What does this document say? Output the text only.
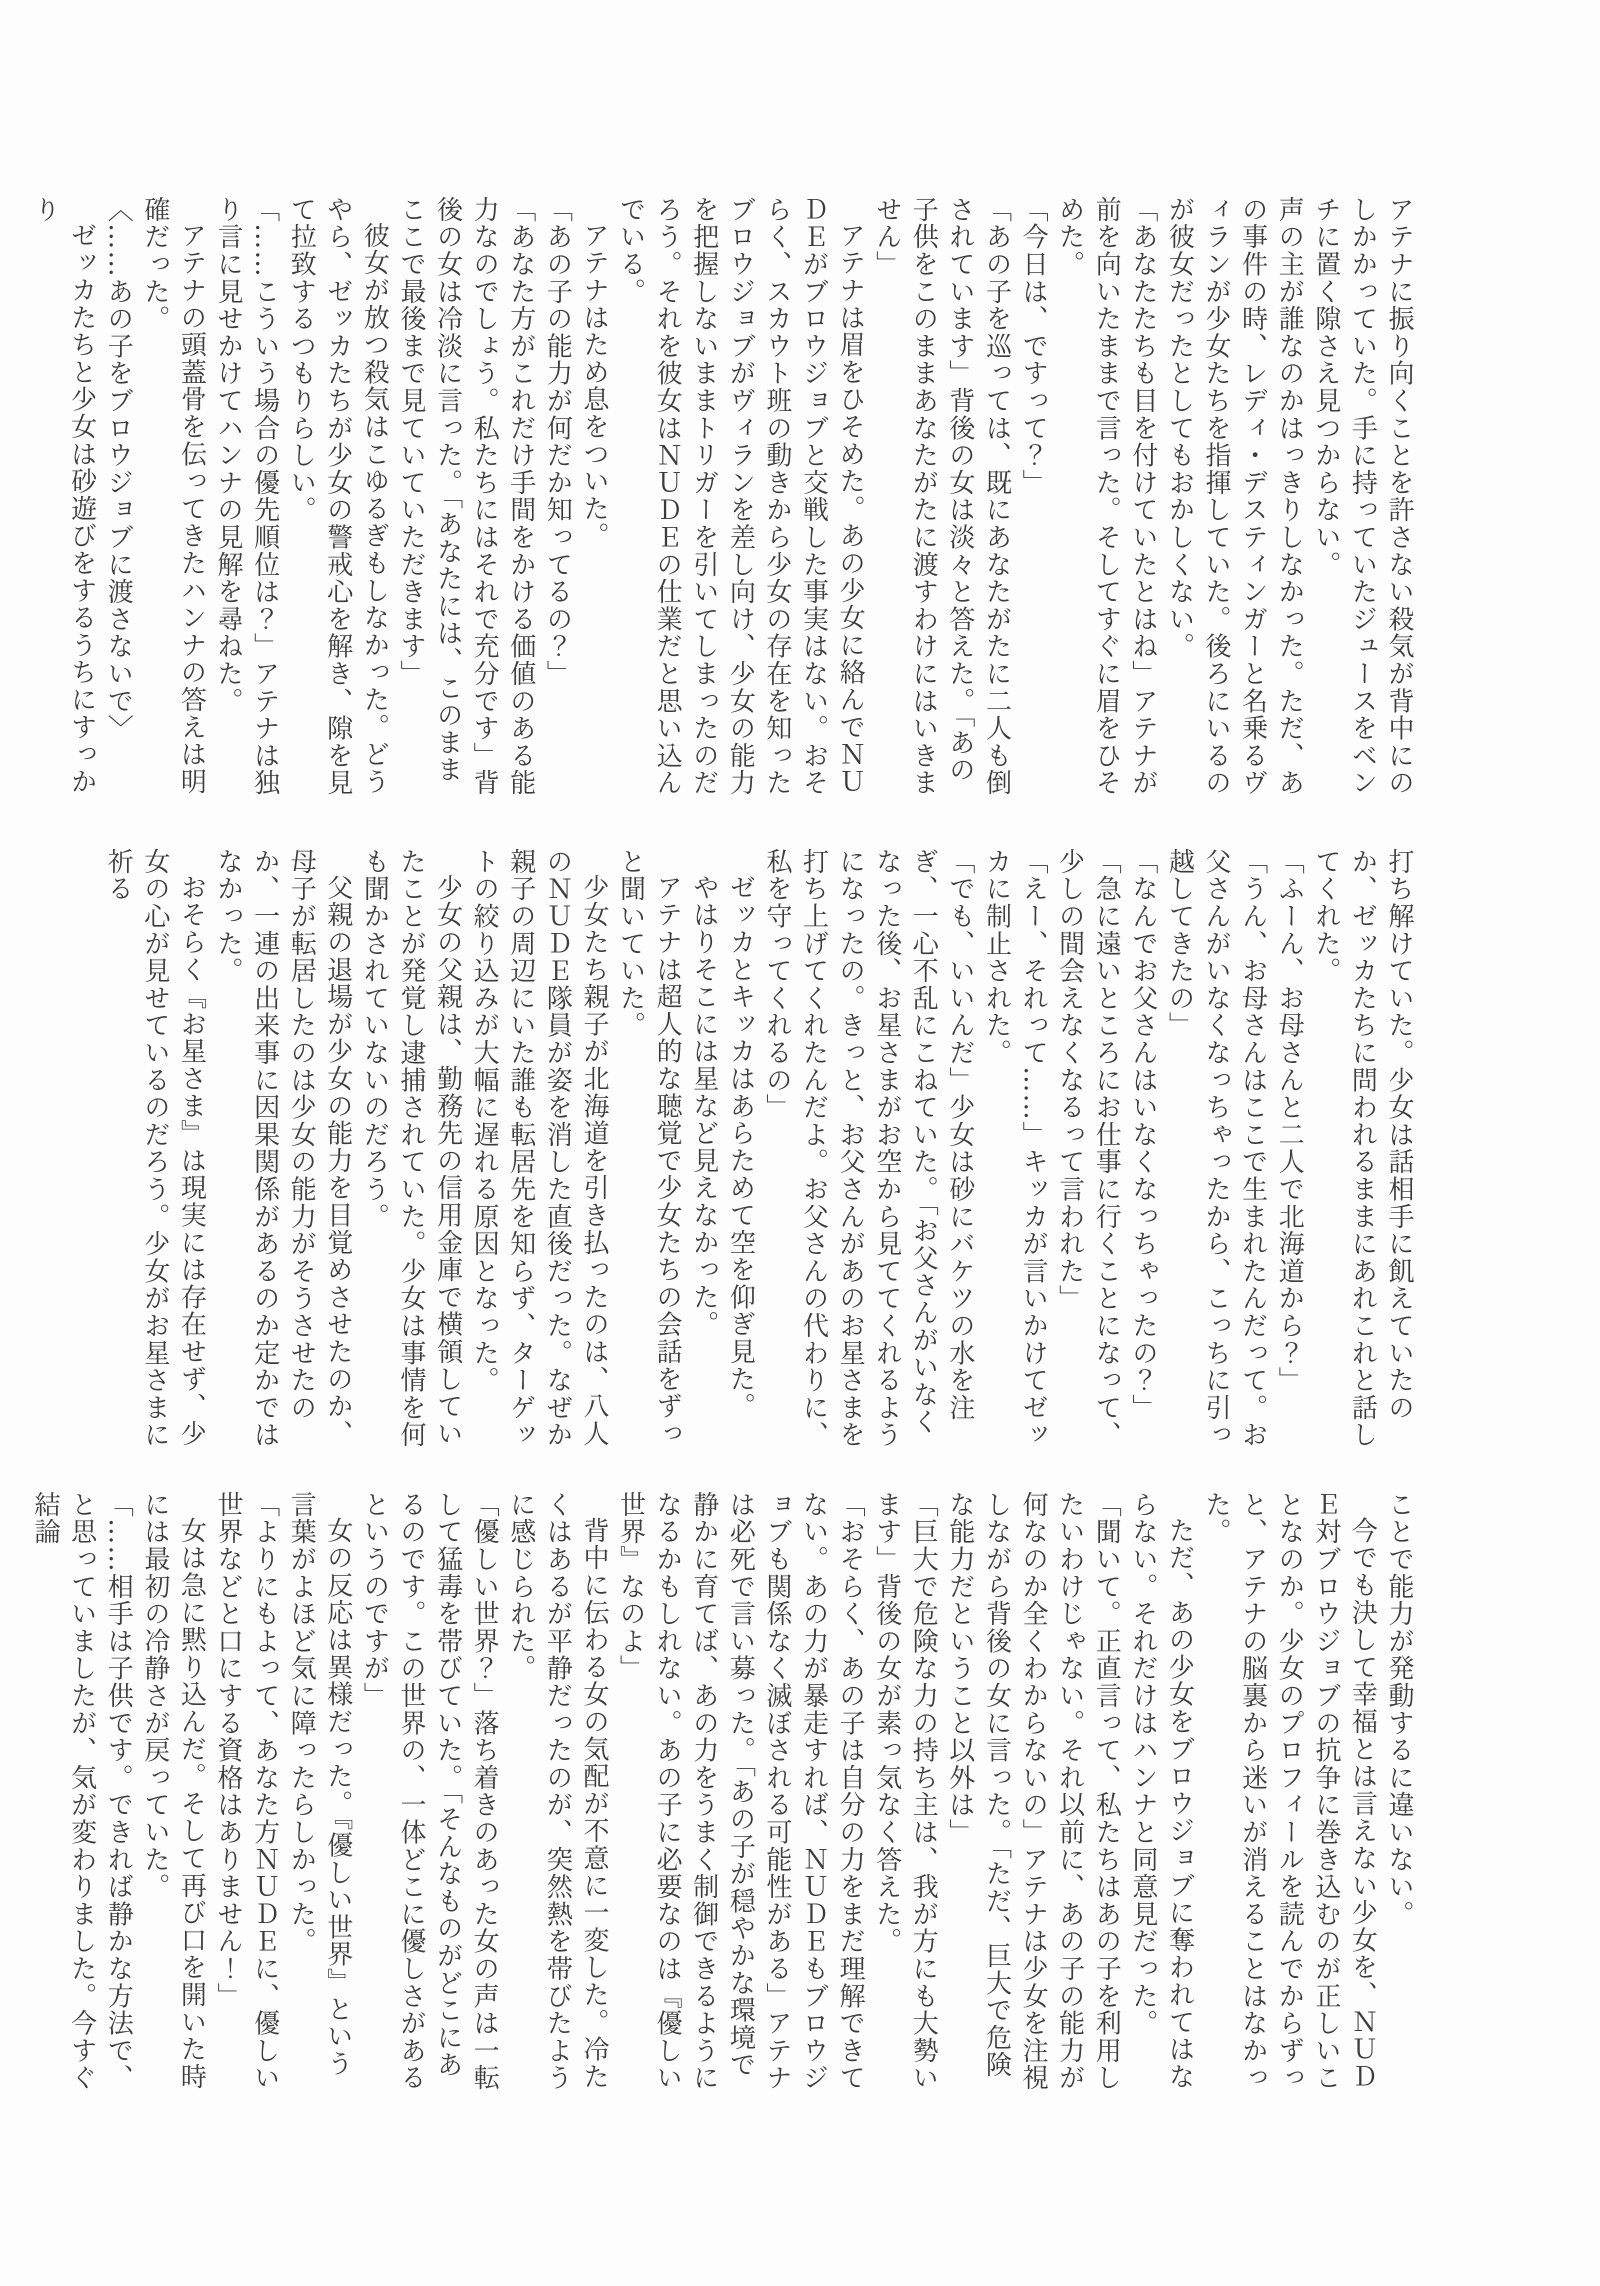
アテナに振り向くことを許さない殺気が背中にのしかかっていた。手に持っていたジュースをベンチに置く隙さえ見つからない。

声の主が誰なのかはっきりしなかった。ただ、あの事件の時、レディ・デスティンガーと名乗るヴィランが少女たちを指揮していた。後ろにいるのが彼女だったとしてもおかしくない。

「あなたたちも目を付けていたとはね」アテナが前を向いたままで言った。そしてすぐに眉をひそめた。

「今日は、ですって？」

「あの子を巡っては、既にあなたがたに二人も倒されています」背後の女は淡々と答えた。「あの子供をこのままあなたがたに渡すわけにはいきません」

アテナは眉をひそめた。あの少女に絡んでＮＵＤＥがブロウジョブと交戦した事実はない。おそらく、スカウト班の動きから少女の存在を知ったブロウジョブがヴィランを差し向け、少女の能力を把握しないままトリガーを引いてしまったのだろう。それを彼女はＮＵＤＥの仕業だと思い込んでいる。

アテナはため息をついた。

「あの子の能力が何だか知ってるの？」

「あなた方がこれだけ手間をかける価値のある能力なのでしょう。私たちにはそれで充分です」背後の女は冷淡に言った。「あなたには、このままここで最後まで見ていていただきます」

彼女が放つ殺気はこゆるぎもしなかった。どうやら、ゼッカたちが少女の警戒心を解き、隙を見て拉致するつもりらしい。

「……こういう場合の優先順位は？」アテナは独り言に見せかけてハンナの見解を尋ねた。

アテナの頭蓋骨を伝ってきたハンナの答えは明確だった。

〈……あの子をブロウジョブに渡さないで〉

ゼッカたちと少女は砂遊びをするうちにすっかり

打ち解けていた。少女は話相手に飢えていたのか、ゼッカたちに問われるままにあれこれと話してくれた。

「ふーん、お母さんと二人で北海道から？」

「うん、お母さんはここで生まれたんだって。お父さんがいなくなっちゃったから、こっちに引っ越してきたの」

「なんでお父さんはいなくなっちゃったの？」

「急に遠いところにお仕事に行くことになって、少しの間会えなくなるって言われた」

「えー、それって……」キッカが言いかけてゼッカに制止された。

「でも、いいんだ」少女は砂にバケツの水を注ぎ、一心不乱にこねていた。「お父さんがいなくなった後、お星さまがお空から見ててくれるようになったの。きっと、お父さんがあのお星さまを打ち上げてくれたんだよ。お父さんの代わりに、私を守ってくれるの」

ゼッカとキッカはあらためて空を仰ぎ見た。

やはりそこには星など見えなかった。

アテナは超人的な聴覚で少女たちの会話をずっと聞いていた。

少女たち親子が北海道を引き払ったのは、八人のＮＵＤＥ隊員が姿を消した直後だった。なぜか親子の周辺にいた誰も転居先を知らず、ターゲットの絞り込みが大幅に遅れる原因となった。

少女の父親は、勤務先の信用金庫で横領していたことが発覚し逮捕されていた。少女は事情を何も聞かされていないのだろう。

父親の退場が少女の能力を目覚めさせたのか、母子が転居したのは少女の能力がそうさせたのか、一連の出来事に因果関係があるのか定かではなかった。

おそらく『お星さま』は現実には存在せず、少女の心が見せているのだろう。少女がお星さまに祈る

ことで能力が発動するに違いない。

今でも決して幸福とは言えない少女を、ＮＵＤＥ対ブロウジョブの抗争に巻き込むのが正しいことなのか。少女のプロフィールを読んでからずっと、アテナの脳裏から迷いが消えることはなかった。

ただ、あの少女をブロウジョブに奪われてはならない。それだけはハンナと同意見だった。

「聞いて。正直言って、私たちはあの子を利用したいわけじゃない。それ以前に、あの子の能力が何なのか全くわからないの」アテナは少女を注視しながら背後の女に言った。「ただ、巨大で危険な能力だということ以外は」

「巨大で危険な力の持ち主は、我が方にも大勢います」背後の女が素っ気なく答えた。

「おそらく、あの子は自分の力をまだ理解できてない。あの力が暴走すれば、ＮＵＤＥもブロウジョブも関係なく滅ぼされる可能性がある」アテナは必死で言い募った。「あの子が穏やかな環境で静かに育てば、あの力をうまく制御できるようになるかもしれない。あの子に必要なのは『優しい世界』なのよ」

背中に伝わる女の気配が不意に一変した。冷たくはあるが平静だったのが、突然熱を帯びたように感じられた。

「優しい世界？」落ち着きのあった女の声は一転して猛毒を帯びていた。「そんなものがどこにあるのです。この世界の、一体どこに優しさがあるというのですが」

女の反応は異様だった。『優しい世界』という言葉がよほど気に障ったらしかった。

「よりにもよって、あなた方ＮＵＤＥに、優しい世界などと口にする資格はありません！」

女は急に黙り込んだ。そして再び口を開いた時には最初の冷静さが戻っていた。

「……相手は子供です。できれば静かな方法で、と思っていましたが、気が変わりました。今すぐ結論
